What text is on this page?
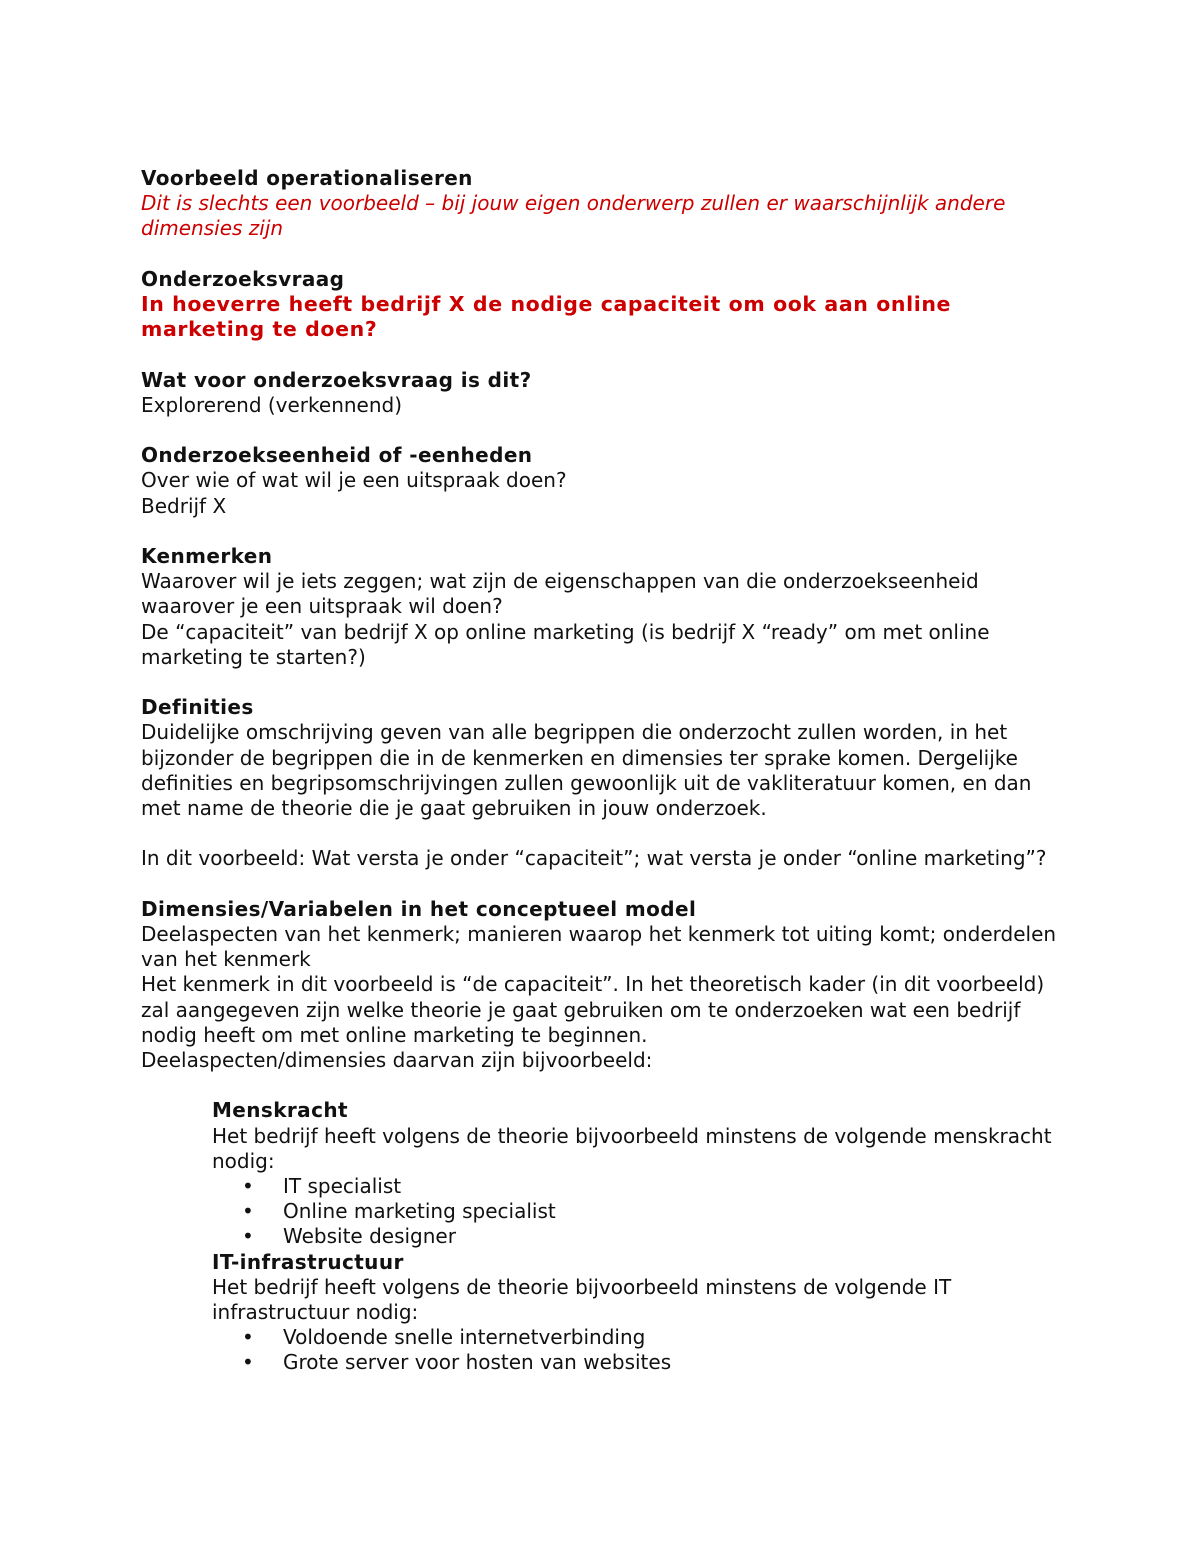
Voorbeeld operationaliseren

Dit is slechts een voorbeeld – bij jouw eigen onderwerp zullen er waarschijnlijk andere dimensies zijn

Onderzoeksvraag

In hoeverre heeft bedrijf X de nodige capaciteit om ook aan online marketing te doen?

Wat voor onderzoeksvraag is dit?

Explorerend (verkennend)

Onderzoekseenheid of -eenheden

Over wie of wat wil je een uitspraak doen?

Bedrijf X

Kenmerken

Waarover wil je iets zeggen; wat zijn de eigenschappen van die onderzoekseenheid waarover je een uitspraak wil doen?

De “capaciteit” van bedrijf X op online marketing (is bedrijf X “ready” om met online marketing te starten?)

Definities

Duidelijke omschrijving geven van alle begrippen die onderzocht zullen worden, in het bijzonder de begrippen die in de kenmerken en dimensies ter sprake komen. Dergelijke definities en begripsomschrijvingen zullen gewoonlijk uit de vakliteratuur komen, en dan met name de theorie die je gaat gebruiken in jouw onderzoek.

In dit voorbeeld: Wat versta je onder “capaciteit”; wat versta je onder “online marketing”?

Dimensies/Variabelen in het conceptueel model

Deelaspecten van het kenmerk; manieren waarop het kenmerk tot uiting komt; onderdelen van het kenmerk

Het kenmerk in dit voorbeeld is “de capaciteit”. In het theoretisch kader (in dit voorbeeld) zal aangegeven zijn welke theorie je gaat gebruiken om te onderzoeken wat een bedrijf nodig heeft om met online marketing te beginnen.

Deelaspecten/dimensies daarvan zijn bijvoorbeeld:

Menskracht

Het bedrijf heeft volgens de theorie bijvoorbeeld minstens de volgende menskracht nodig:

• IT specialist
• Online marketing specialist
• Website designer
IT-infrastructuur

Het bedrijf heeft volgens de theorie bijvoorbeeld minstens de volgende IT infrastructuur nodig:

• Voldoende snelle internetverbinding
• Grote server voor hosten van websites
